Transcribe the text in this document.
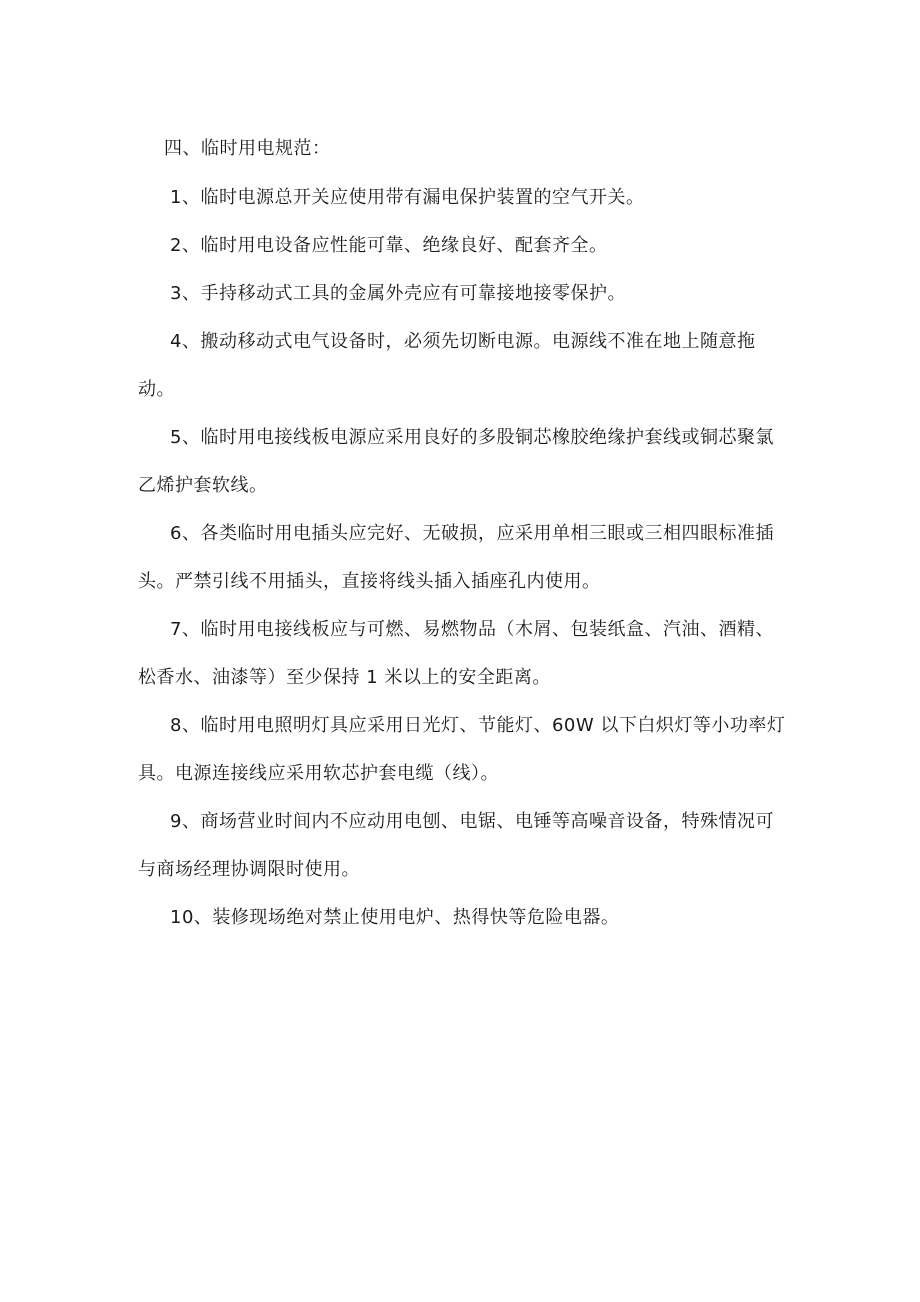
四、临时用电规范：

1、临时电源总开关应使用带有漏电保护装置的空气开关。

2、临时用电设备应性能可靠、绝缘良好、配套齐全。

3、手持移动式工具的金属外壳应有可靠接地接零保护。

4、搬动移动式电气设备时，必须先切断电源。电源线不准在地上随意拖动。

5、临时用电接线板电源应采用良好的多股铜芯橡胶绝缘护套线或铜芯聚氯乙烯护套软线。

6、各类临时用电插头应完好、无破损，应采用单相三眼或三相四眼标准插头。严禁引线不用插头，直接将线头插入插座孔内使用。

7、临时用电接线板应与可燃、易燃物品（木屑、包装纸盒、汽油、酒精、松香水、油漆等）至少保持 1 米以上的安全距离。

8、临时用电照明灯具应采用日光灯、节能灯、60W 以下白炽灯等小功率灯具。电源连接线应采用软芯护套电缆（线）。

9、商场营业时间内不应动用电刨、电锯、电锤等高噪音设备，特殊情况可与商场经理协调限时使用。

10、装修现场绝对禁止使用电炉、热得快等危险电器。
